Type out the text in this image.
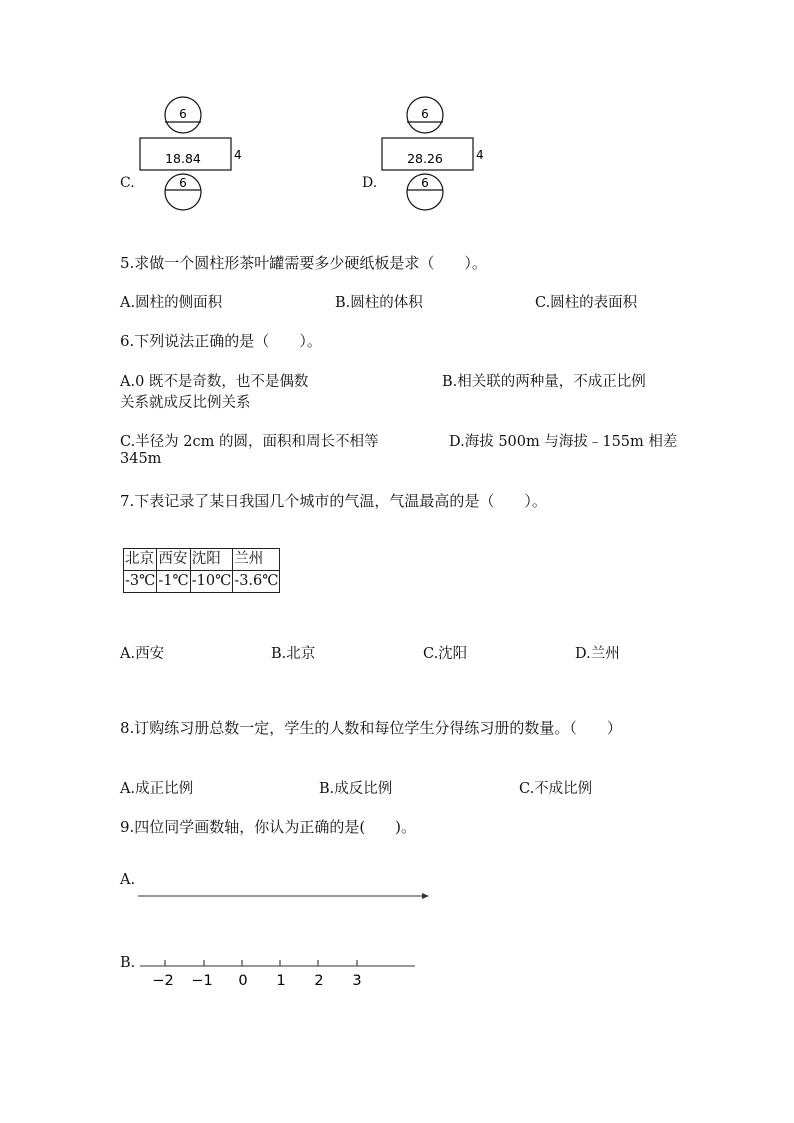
6
18.84	4
6
C.
6
28.26	4
6
D.
5.求做一个圆柱形茶叶罐需要多少硬纸板是求（　　）。
A.圆柱的侧面积	B.圆柱的体积	C.圆柱的表面积
6.下列说法正确的是（　　）。
A.0 既不是奇数，也不是偶数	B.相关联的两种量，不成正比例
关系就成反比例关系
C.半径为 2cm 的圆，面积和周长不相等	D.海拔 500m 与海拔﹣155m 相差
345m
7.下表记录了某日我国几个城市的气温，气温最高的是（　　）。
北京	西安	沈阳	兰州
-3℃	-1℃	-10℃	-3.6℃
A.西安	B.北京	C.沈阳	D.兰州
8.订购练习册总数一定，学生的人数和每位学生分得练习册的数量。（　　）
A.成正比例	B.成反比例	C.不成比例
9.四位同学画数轴，你认为正确的是(　　)。
A.
B.
−2 −1 0 1 2 3
